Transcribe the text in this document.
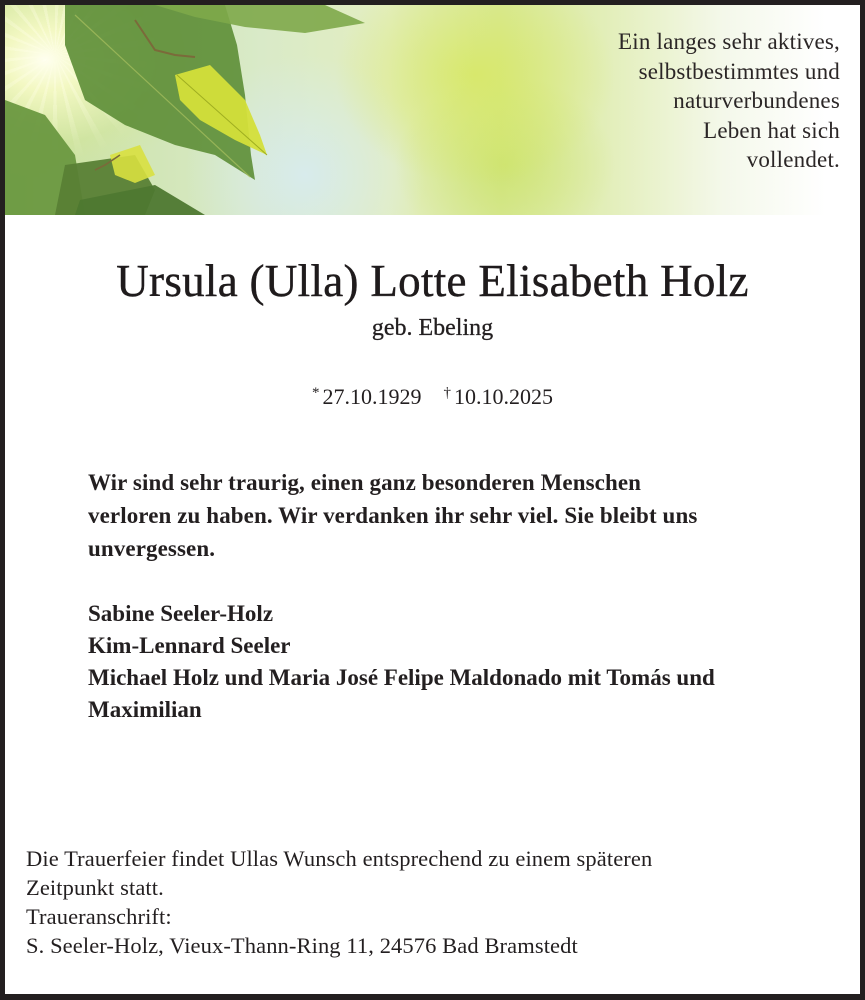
Ein langes sehr aktives,
selbstbestimmtes und
naturverbundenes
Leben hat sich
vollendet.
Ursula (Ulla) Lotte Elisabeth Holz
geb. Ebeling
* 27.10.1929 † 10.10.2025
Wir sind sehr traurig, einen ganz besonderen Menschen
verloren zu haben. Wir verdanken ihr sehr viel. Sie bleibt uns
unvergessen.
Sabine Seeler-Holz
Kim-Lennard Seeler
Michael Holz und Maria José Felipe Maldonado mit Tomás und
Maximilian
Die Trauerfeier findet Ullas Wunsch entsprechend zu einem späteren
Zeitpunkt statt.
Traueranschrift:
S. Seeler-Holz, Vieux-Thann-Ring 11, 24576 Bad Bramstedt
